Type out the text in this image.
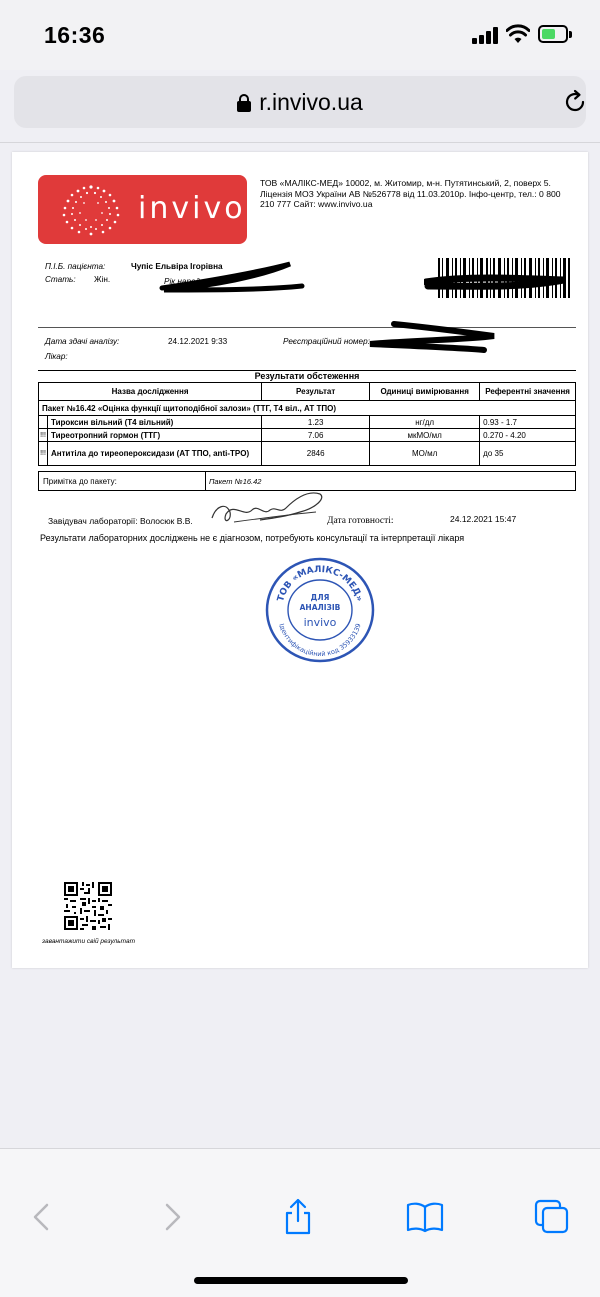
16:36
r.invivo.ua
invivo
ТОВ «МАЛІКС-МЕД» 10002, м. Житомир, м-н. Путятинський, 2, поверх 5. Ліцензія МОЗ України АВ №526778 від 11.03.2010р. Інфо-центр, тел.: 0 800 210 777 Сайт: www.invivo.ua
П.І.Б. пацієнта:	Чупіс Ельвіра Ігорівна
Стать: Жін.	Рік народження:
Дата здачі аналізу:	24.12.2021 9:33	Реєстраційний номер:
Лікар:
Результати обстеження
Назва дослідження		Результат	Одиниці вимірювання	Референтні значення
Пакет №16.42 «Оцінка функції щитоподібної залози» (ТТГ, Т4 віл., АТ ТПО)				
	Тироксин вільний (Т4 вільний)	1.23	нг/дл	0.93 - 1.7
!!!	Тиреотропний гормон (ТТГ)	7.06	мкМО/мл	0.270 - 4.20
!!!	Антитіла до тиреопероксидази (АТ ТПО, anti-TPO)	2846	МО/мл	до 35
Примітка до пакету:	Пакет №16.42
Завідувач лабораторії: Волосюк В.В.	Дата готовності:	24.12.2021 15:47
Результати лабораторних досліджень не є діагнозом, потребують консультації та інтерпретації лікаря
ТОВ «МАЛІКС-МЕД»
Ідентифікаційний код 35933139
ДЛЯ
АНАЛІЗІВ
invivo
завантажити свій результат
